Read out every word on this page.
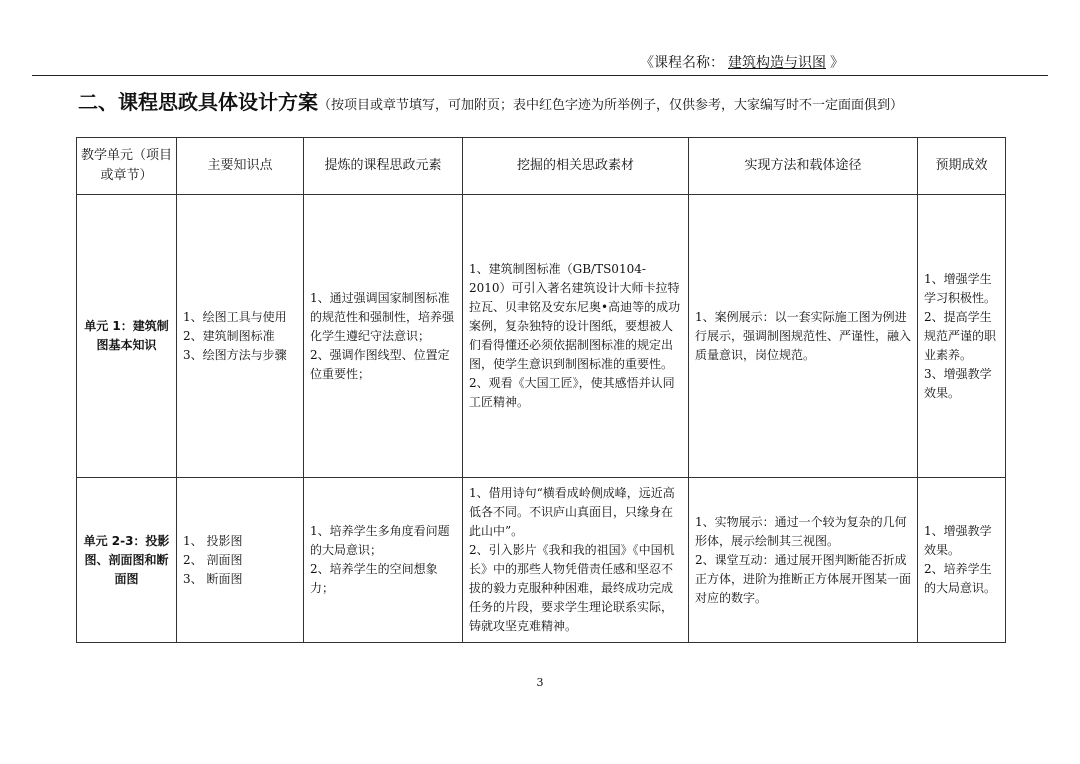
《课程名称： 建筑构造与识图 》
二、课程思政具体设计方案（按项目或章节填写，可加附页；表中红色字迹为所举例子，仅供参考，大家编写时不一定面面俱到）
教学单元（项目或章节）	主要知识点	提炼的课程思政元素	挖掘的相关思政素材	实现方法和载体途径	预期成效
单元 1：建筑制图基本知识	1、绘图工具与使用
2、建筑制图标准
3、绘图方法与步骤	1、通过强调国家制图标准的规范性和强制性，培养强化学生遵纪守法意识；
2、强调作图线型、位置定位重要性；	1、建筑制图标准（GB/TS0104-2010）可引入著名建筑设计大师卡拉特拉瓦、贝聿铭及安东尼奥•高迪等的成功案例，复杂独特的设计图纸，要想被人们看得懂还必须依据制图标准的规定出图，使学生意识到制图标准的重要性。
2、观看《大国工匠》，使其感悟并认同工匠精神。	1、案例展示：以一套实际施工图为例进行展示，强调制图规范性、严谨性，融入质量意识，岗位规范。	1、增强学生学习积极性。
2、提高学生规范严谨的职业素养。
3、增强教学效果。

单元 2-3：投影图、剖面图和断面图	1、 投影图
2、 剖面图
3、 断面图	1、培养学生多角度看问题的大局意识；
2、培养学生的空间想象力；	1、借用诗句“横看成岭侧成峰，远近高低各不同。不识庐山真面目，只缘身在此山中”。
2、引入影片《我和我的祖国》《中国机长》中的那些人物凭借责任感和坚忍不拔的毅力克服种种困难，最终成功完成任务的片段，要求学生理论联系实际，铸就攻坚克难精神。	1、实物展示：通过一个较为复杂的几何形体，展示绘制其三视图。
2、课堂互动：通过展开图判断能否折成正方体，进阶为推断正方体展开图某一面对应的数字。	1、增强教学效果。
2、培养学生的大局意识。
3
